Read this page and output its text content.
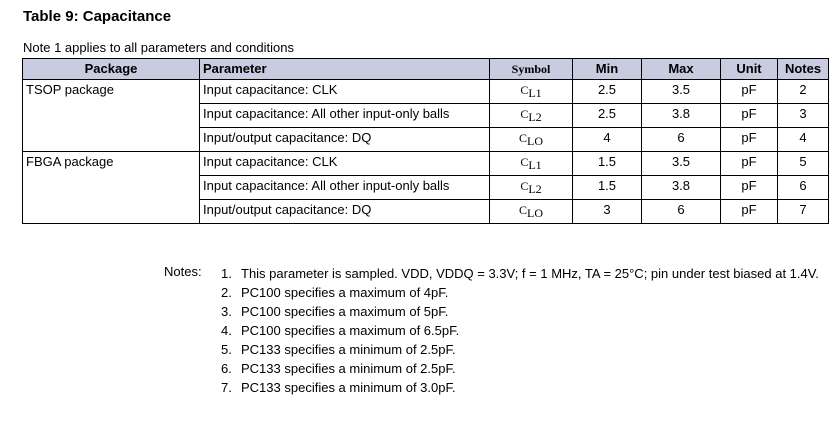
Table 9: Capacitance
Note 1 applies to all parameters and conditions
Package	Parameter	Symbol	Min	Max	Unit	Notes
TSOP package	Input capacitance: CLK	CL1	2.5	3.5	pF	2
	Input capacitance: All other input-only balls	CL2	2.5	3.8	pF	3
	Input/output capacitance: DQ	CLO	4	6	pF	4
FBGA package	Input capacitance: CLK	CL1	1.5	3.5	pF	5
	Input capacitance: All other input-only balls	CL2	1.5	3.8	pF	6
	Input/output capacitance: DQ	CLO	3	6	pF	7
Notes: 1. This parameter is sampled. VDD, VDDQ = 3.3V; f = 1 MHz, TA = 25°C; pin under test biased at 1.4V.
2. PC100 specifies a maximum of 4pF.
3. PC100 specifies a maximum of 5pF.
4. PC100 specifies a maximum of 6.5pF.
5. PC133 specifies a minimum of 2.5pF.
6. PC133 specifies a minimum of 2.5pF.
7. PC133 specifies a minimum of 3.0pF.
